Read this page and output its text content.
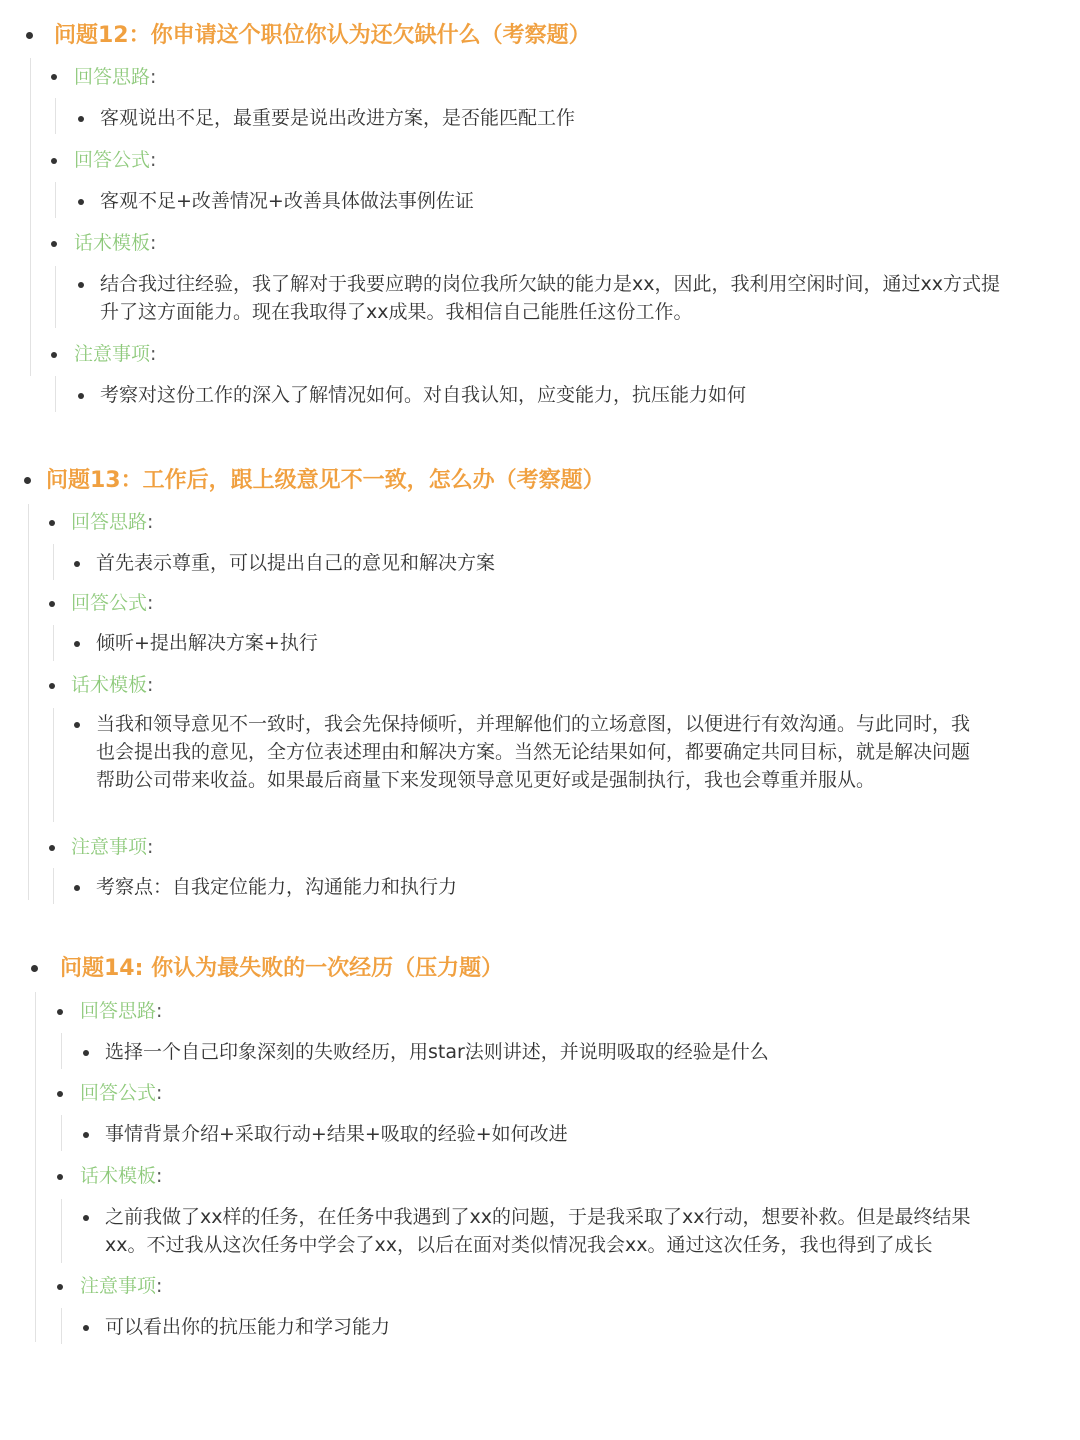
问题12：你申请这个职位你认为还欠缺什么（考察题）
回答思路:
客观说出不足，最重要是说出改进方案，是否能匹配工作
回答公式:
客观不足+改善情况+改善具体做法事例佐证
话术模板:
结合我过往经验，我了解对于我要应聘的岗位我所欠缺的能力是xx，因此，我利用空闲时间，通过xx方式提升了这方面能力。现在我取得了xx成果。我相信自己能胜任这份工作。
注意事项:
考察对这份工作的深入了解情况如何。对自我认知，应变能力，抗压能力如何
问题13：工作后，跟上级意见不一致，怎么办（考察题）
回答思路:
首先表示尊重，可以提出自己的意见和解决方案
回答公式:
倾听+提出解决方案+执行
话术模板:
当我和领导意见不一致时，我会先保持倾听，并理解他们的立场意图，以便进行有效沟通。与此同时，我也会提出我的意见，全方位表述理由和解决方案。当然无论结果如何，都要确定共同目标，就是解决问题帮助公司带来收益。如果最后商量下来发现领导意见更好或是强制执行，我也会尊重并服从。
注意事项:
考察点：自我定位能力，沟通能力和执行力
问题14: 你认为最失败的一次经历（压力题）
回答思路:
选择一个自己印象深刻的失败经历，用star法则讲述，并说明吸取的经验是什么
回答公式:
事情背景介绍+采取行动+结果+吸取的经验+如何改进
话术模板:
之前我做了xx样的任务，在任务中我遇到了xx的问题，于是我采取了xx行动，想要补救。但是最终结果xx。不过我从这次任务中学会了xx，以后在面对类似情况我会xx。通过这次任务，我也得到了成长
注意事项:
可以看出你的抗压能力和学习能力
